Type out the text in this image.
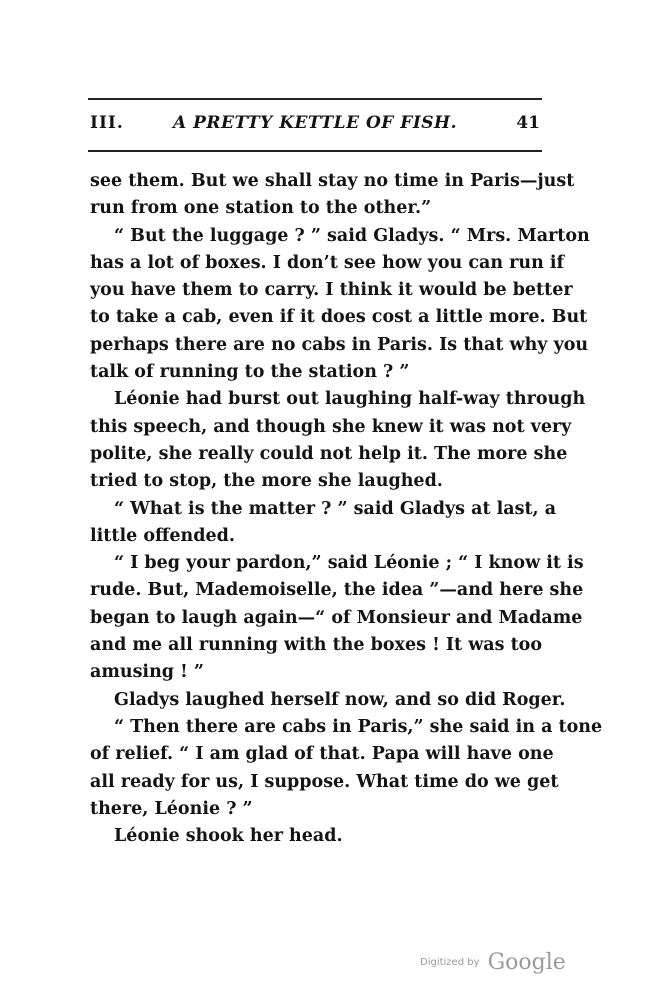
III.	A PRETTY KETTLE OF FISH.	41
see them. But we shall stay no time in Paris—just
run from one station to the other.”
“ But the luggage ? ” said Gladys. “ Mrs. Marton
has a lot of boxes. I don’t see how you can run if
you have them to carry. I think it would be better
to take a cab, even if it does cost a little more. But
perhaps there are no cabs in Paris. Is that why you
talk of running to the station ? ”
Léonie had burst out laughing half-way through
this speech, and though she knew it was not very
polite, she really could not help it. The more she
tried to stop, the more she laughed.
“ What is the matter ? ” said Gladys at last, a
little offended.
“ I beg your pardon,” said Léonie ; “ I know it is
rude. But, Mademoiselle, the idea ”—and here she
began to laugh again—“ of Monsieur and Madame
and me all running with the boxes ! It was too
amusing ! ”
Gladys laughed herself now, and so did Roger.
“ Then there are cabs in Paris,” she said in a tone
of relief. “ I am glad of that. Papa will have one
all ready for us, I suppose. What time do we get
there, Léonie ? ”
Léonie shook her head.
Digitized by Google
